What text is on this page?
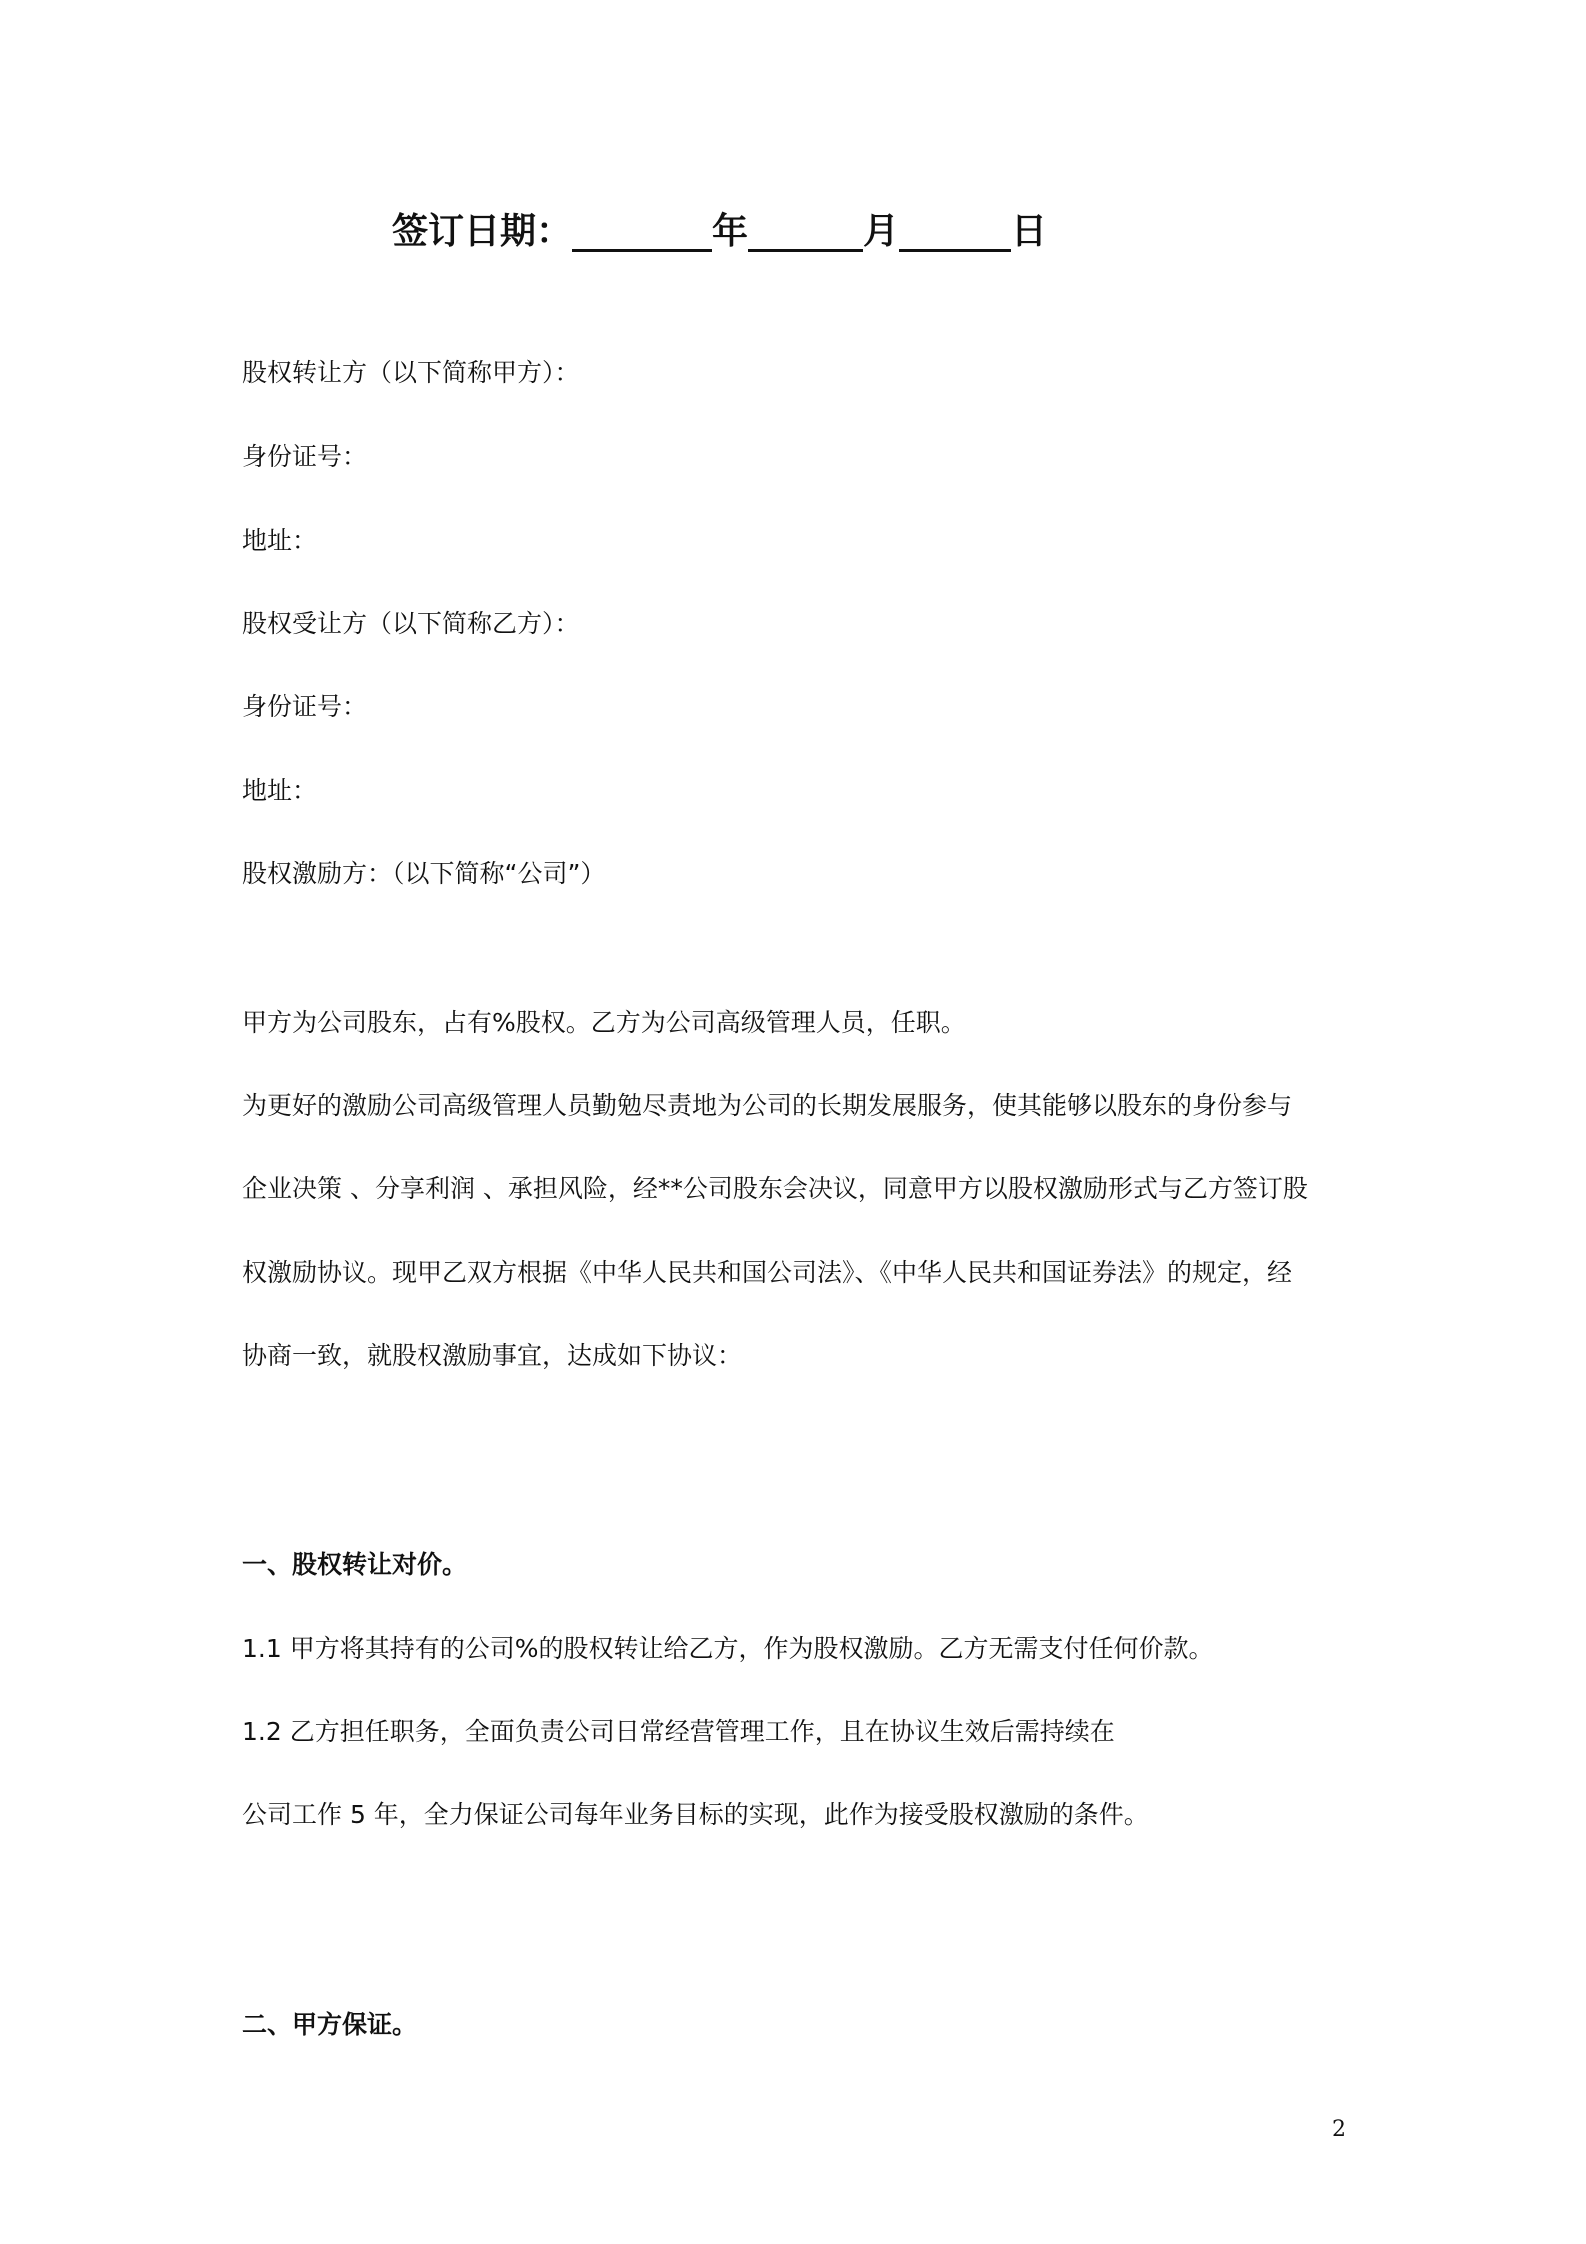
签订日期：	年	月	日
股权转让方（以下简称甲方）：
身份证号：
地址：
股权受让方（以下简称乙方）：
身份证号：
地址：
股权激励方：（以下简称“公司”）
甲方为公司股东，占有%股权。乙方为公司高级管理人员，任职。
为更好的激励公司高级管理人员勤勉尽责地为公司的长期发展服务，使其能够以股东的身份参与
企业决策 、分享利润 、承担风险，经**公司股东会决议，同意甲方以股权激励形式与乙方签订股
权激励协议。现甲乙双方根据《中华人民共和国公司法》、《中华人民共和国证券法》的规定，经
协商一致，就股权激励事宜，达成如下协议：
一、股权转让对价。
1.1 甲方将其持有的公司%的股权转让给乙方，作为股权激励。乙方无需支付任何价款。
1.2 乙方担任职务，全面负责公司日常经营管理工作，且在协议生效后需持续在
公司工作 5 年，全力保证公司每年业务目标的实现，此作为接受股权激励的条件。
二、甲方保证。
2
